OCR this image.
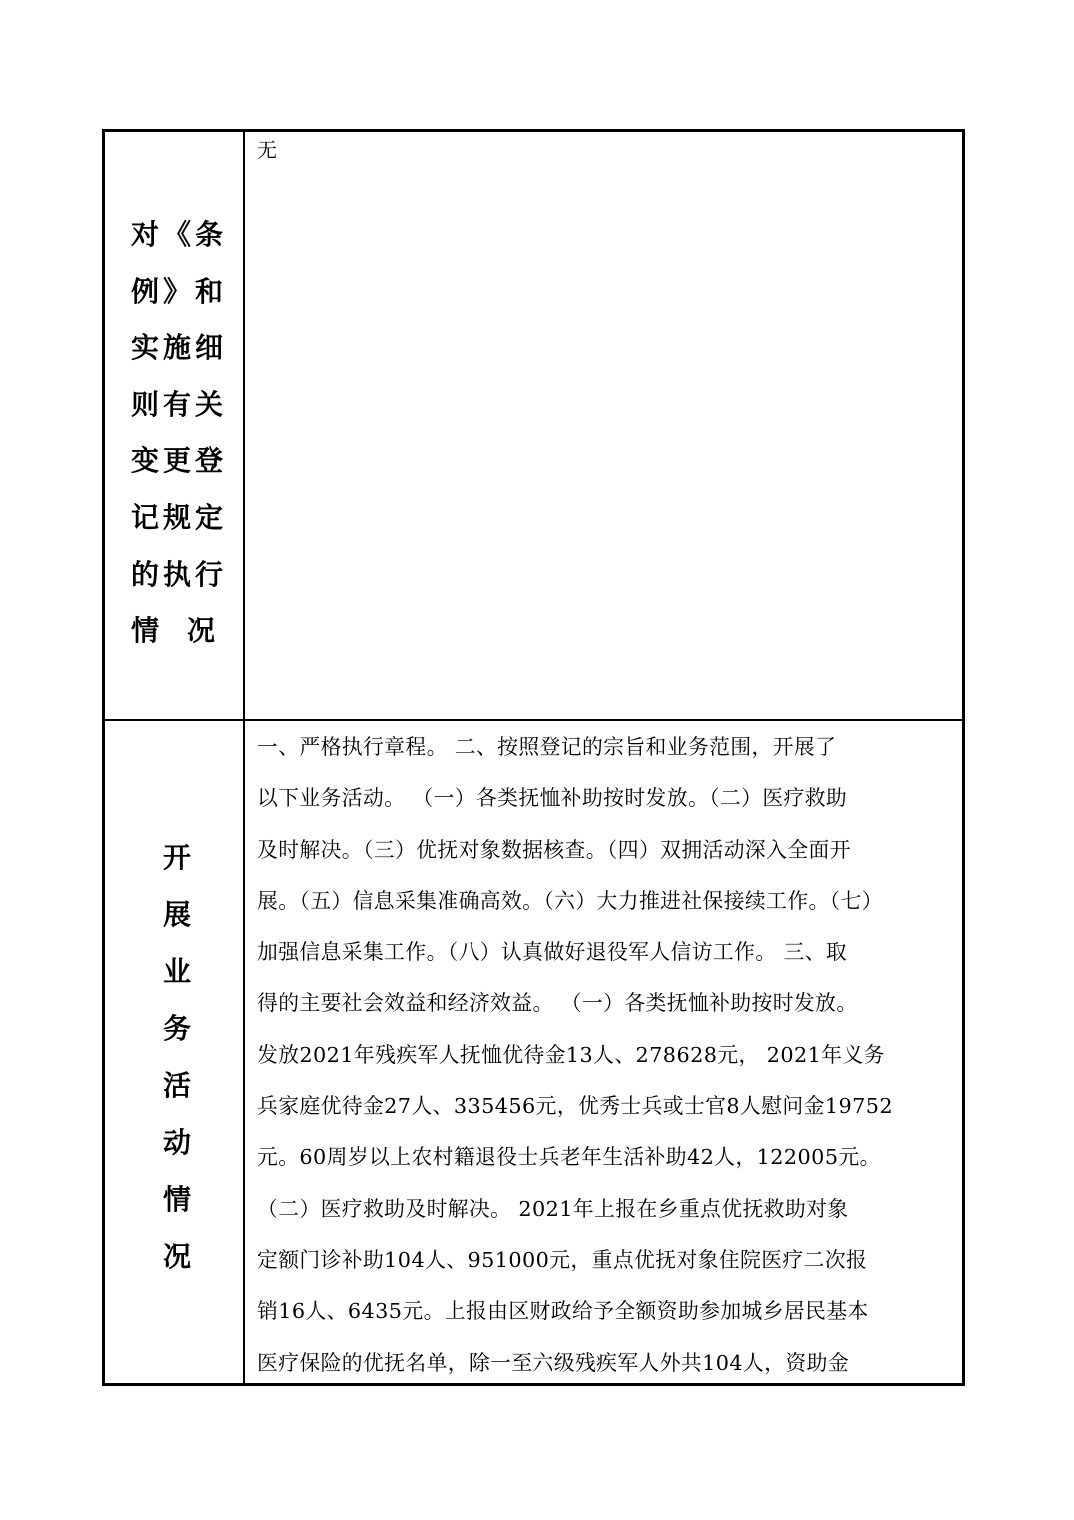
对《条
例》和
实施细
则有关
变更登
记规定
的执行
情 况
无
开
展
业
务
活
动
情
况
一、严格执行章程。 二、按照登记的宗旨和业务范围，开展了
以下业务活动。 （一）各类抚恤补助按时发放。（二）医疗救助
及时解决。（三）优抚对象数据核查。（四）双拥活动深入全面开
展。（五）信息采集准确高效。（六）大力推进社保接续工作。（七）
加强信息采集工作。（八）认真做好退役军人信访工作。 三、取
得的主要社会效益和经济效益。 （一）各类抚恤补助按时发放。
发放2021年残疾军人抚恤优待金13人、278628元， 2021年义务
兵家庭优待金27人、335456元，优秀士兵或士官8人慰问金19752
元。60周岁以上农村籍退役士兵老年生活补助42人，122005元。
（二）医疗救助及时解决。 2021年上报在乡重点优抚救助对象
定额门诊补助104人、951000元，重点优抚对象住院医疗二次报
销16人、6435元。上报由区财政给予全额资助参加城乡居民基本
医疗保险的优抚名单，除一至六级残疾军人外共104人，资助金
